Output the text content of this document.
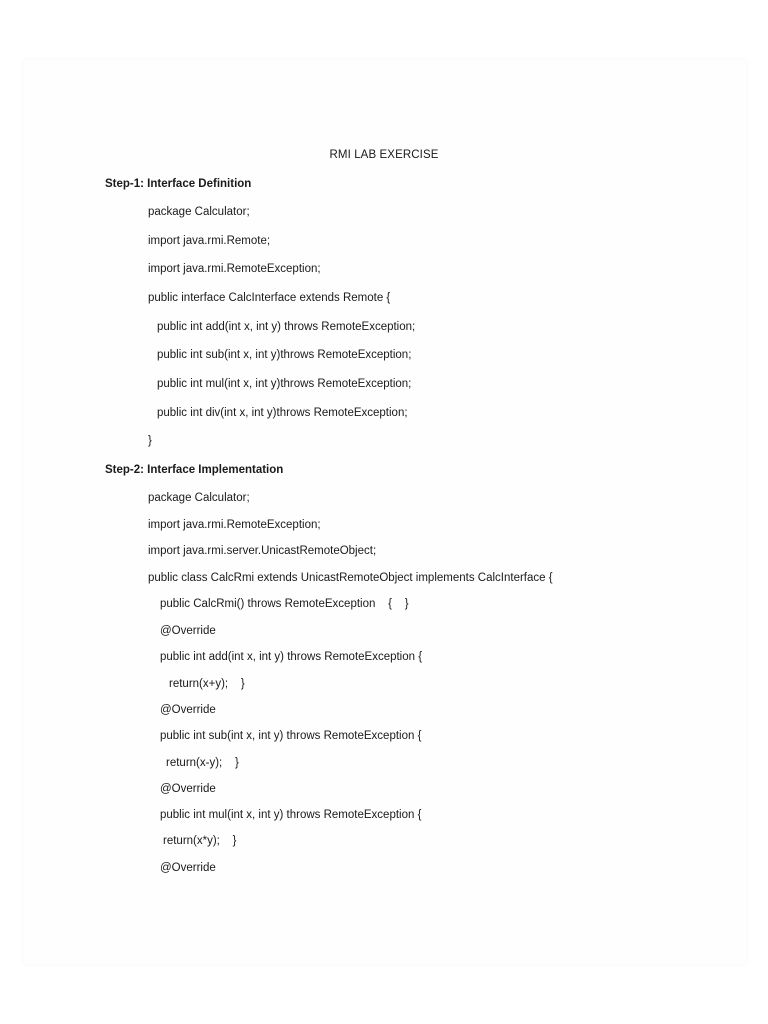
RMI LAB EXERCISE
Step-1: Interface Definition
package Calculator;
import java.rmi.Remote;
import java.rmi.RemoteException;
public interface CalcInterface extends Remote {
public int add(int x, int y) throws RemoteException;
public int sub(int x, int y)throws RemoteException;
public int mul(int x, int y)throws RemoteException;
public int div(int x, int y)throws RemoteException;
}
Step-2: Interface Implementation
package Calculator;
import java.rmi.RemoteException;
import java.rmi.server.UnicastRemoteObject;
public class CalcRmi extends UnicastRemoteObject implements CalcInterface {
public CalcRmi() throws RemoteException    {    }
@Override
public int add(int x, int y) throws RemoteException {
return(x+y);    }
@Override
public int sub(int x, int y) throws RemoteException {
return(x-y);    }
@Override
public int mul(int x, int y) throws RemoteException {
return(x*y);    }
@Override
